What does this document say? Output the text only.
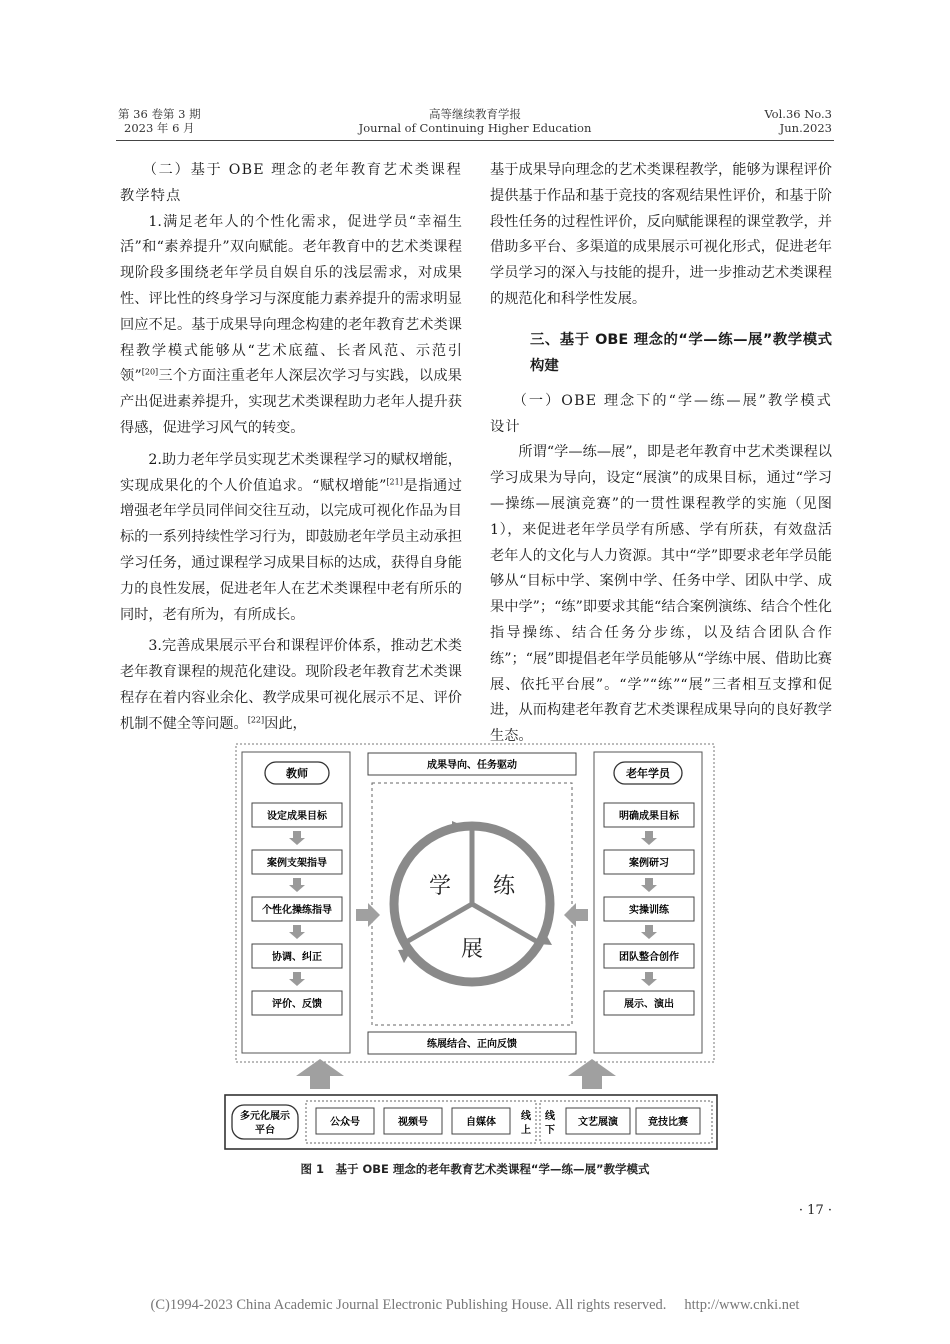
第 36 卷第 3 期
2023 年 6 月
高等继续教育学报
Journal of Continuing Higher Education
Vol.36 No.3
Jun.2023

（二）基于 OBE 理念的老年教育艺术类课程教学特点

1.满足老年人的个性化需求，促进学员“幸福生活”和“素养提升”双向赋能。老年教育中的艺术类课程现阶段多围绕老年学员自娱自乐的浅层需求，对成果性、评比性的终身学习与深度能力素养提升的需求明显回应不足。基于成果导向理念构建的老年教育艺术类课程教学模式能够从“艺术底蕴、长者风范、示范引领”[20]三个方面注重老年人深层次学习与实践，以成果产出促进素养提升，实现艺术类课程助力老年人提升获得感，促进学习风气的转变。

2.助力老年学员实现艺术类课程学习的赋权增能，实现成果化的个人价值追求。“赋权增能”[21]是指通过增强老年学员同伴间交往互动，以完成可视化作品为目标的一系列持续性学习行为，即鼓励老年学员主动承担学习任务，通过课程学习成果目标的达成，获得自身能力的良性发展，促进老年人在艺术类课程中老有所乐的同时，老有所为，有所成长。

3.完善成果展示平台和课程评价体系，推动艺术类老年教育课程的规范化建设。现阶段老年教育艺术类课程存在着内容业余化、教学成果可视化展示不足、评价机制不健全等问题。[22]因此，

基于成果导向理念的艺术类课程教学，能够为课程评价提供基于作品和基于竞技的客观结果性评价，和基于阶段性任务的过程性评价，反向赋能课程的课堂教学，并借助多平台、多渠道的成果展示可视化形式，促进老年学员学习的深入与技能的提升，进一步推动艺术类课程的规范化和科学性发展。

三、基于 OBE 理念的“学—练—展”教学模式构建

（一）OBE 理念下的“学—练—展”教学模式设计

所谓“学—练—展”，即是老年教育中艺术类课程以学习成果为导向，设定“展演”的成果目标，通过“学习—操练—展演竞赛”的一贯性课程教学的实施（见图 1），来促进老年学员学有所感、学有所获，有效盘活老年人的文化与人力资源。其中“学”即要求老年学员能够从“目标中学、案例中学、任务中学、团队中学、成果中学”；“练”即要求其能“结合案例演练、结合个性化指导操练、结合任务分步练，以及结合团队合作练”；“展”即提倡老年学员能够从“学练中展、借助比赛展、依托平台展”。“学”“练”“展”三者相互支撑和促进，从而构建老年教育艺术类课程成果导向的良好教学生态。

教师
设定成果目标
案例支架指导
个性化操练指导
协调、纠正
评价、反馈
老年学员
明确成果目标
案例研习
实操训练
团队整合创作
展示、演出
成果导向、任务驱动
练展结合、正向反馈
学 练
展
多元化展示
平台
公众号	视频号	自媒体	文艺展演	竞技比赛
线
上
线
下
图 1　基于 OBE 理念的老年教育艺术类课程“学—练—展”教学模式
· 17 ·
(C)1994-2023 China Academic Journal Electronic Publishing House. All rights reserved. http://www.cnki.net
